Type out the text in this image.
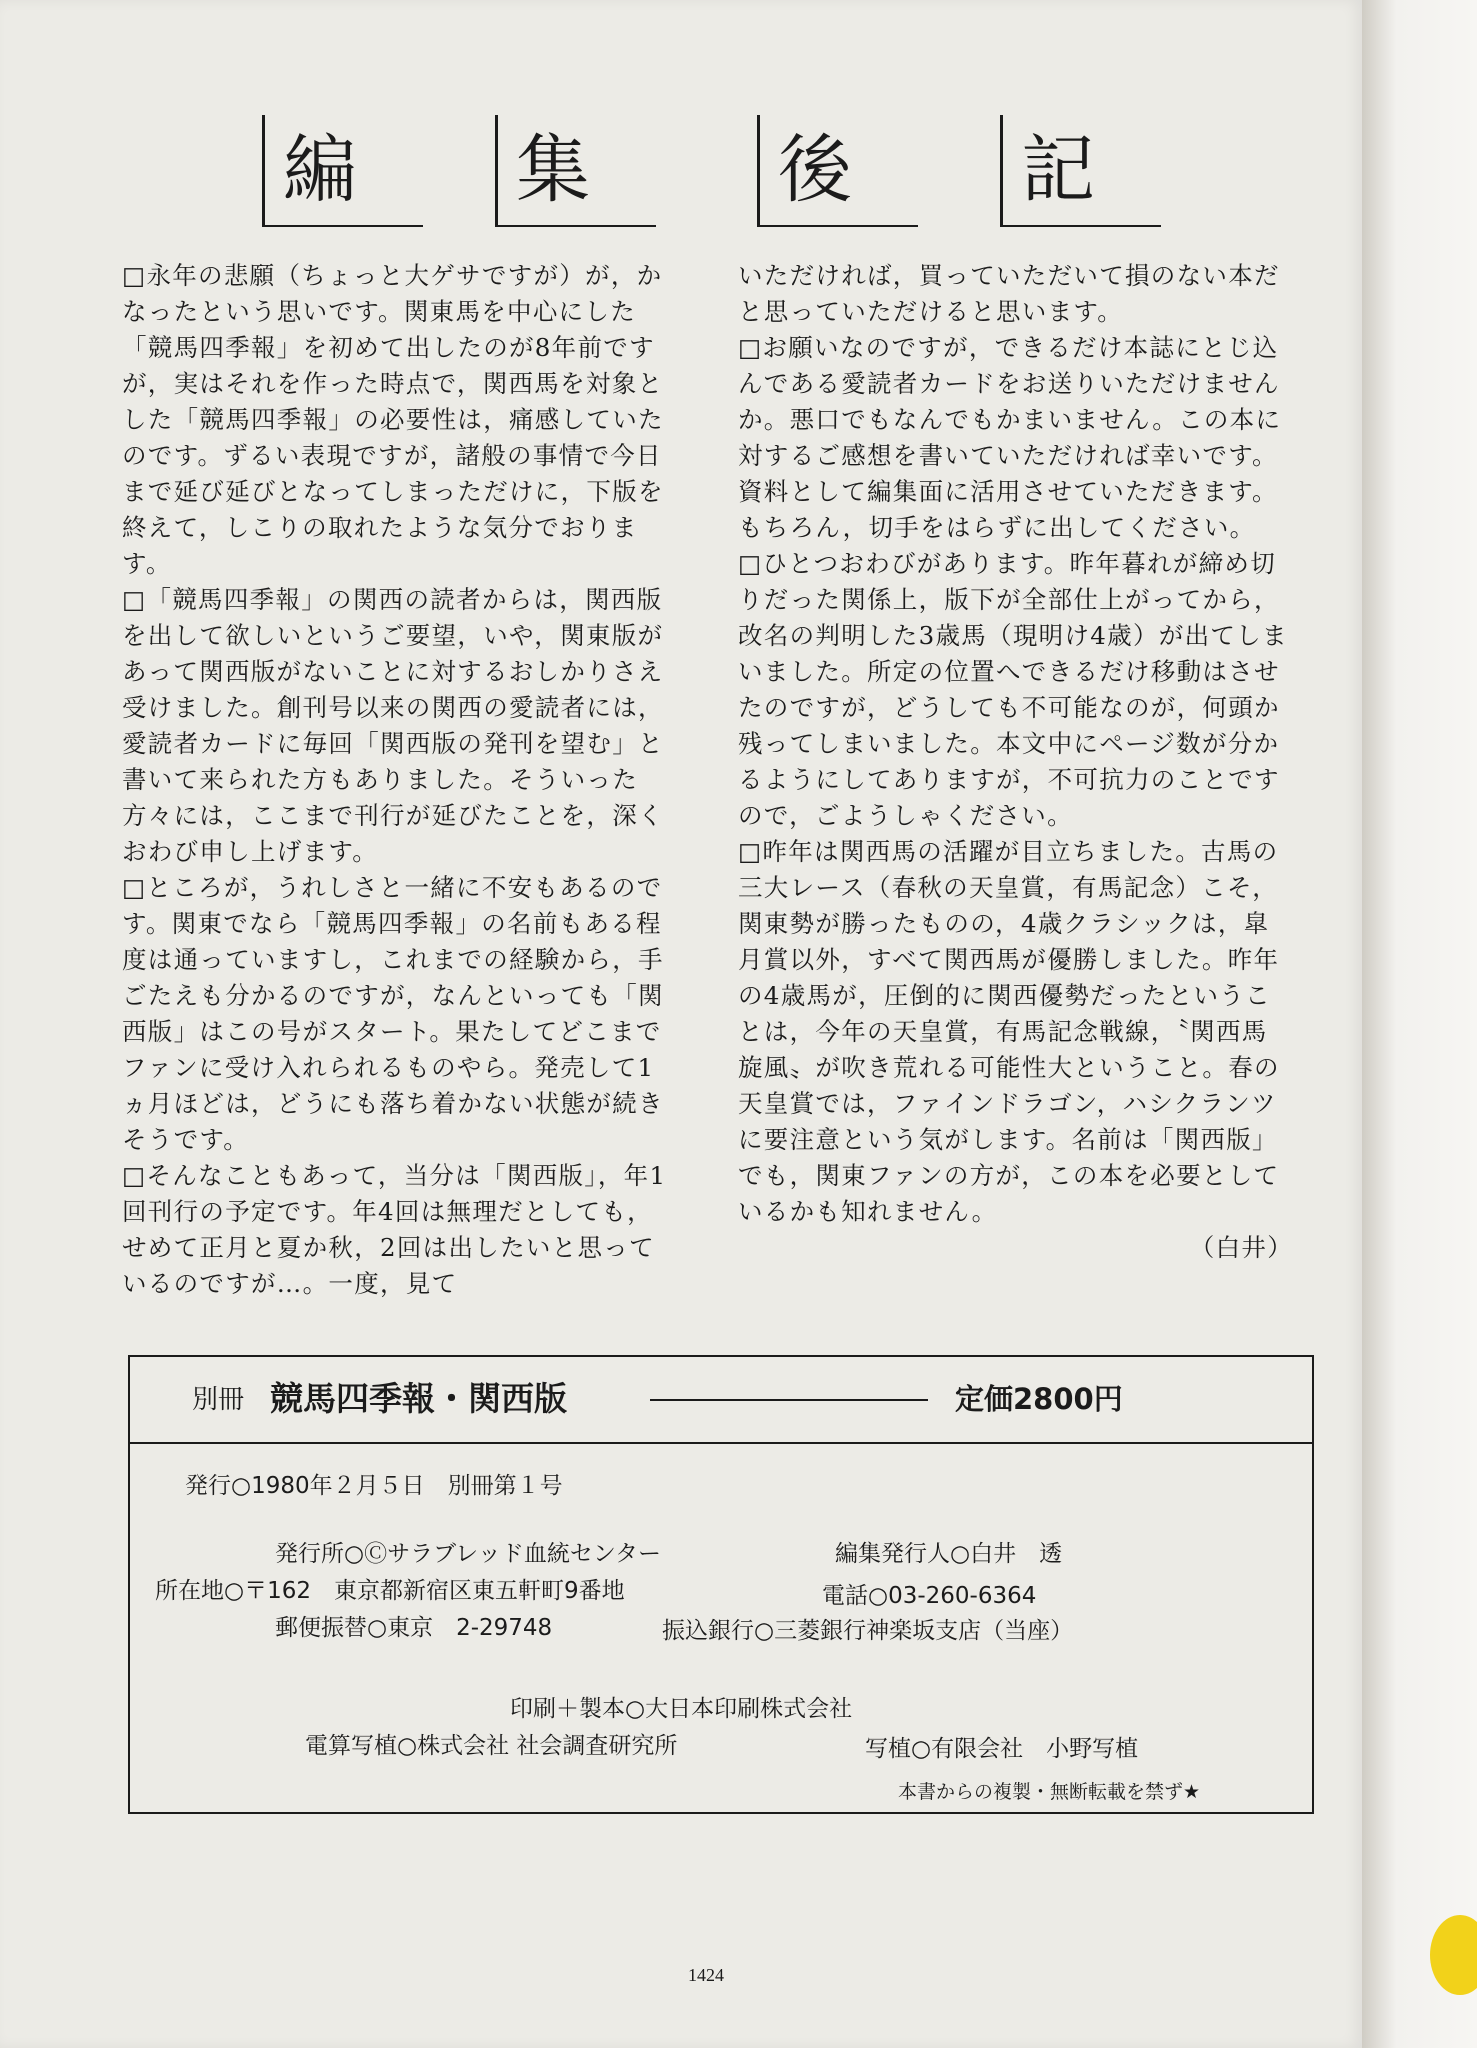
編	集	後	記

□永年の悲願（ちょっと大ゲサですが）が，かなったという思いです。関東馬を中心にした「競馬四季報」を初めて出したのが8年前ですが，実はそれを作った時点で，関西馬を対象とした「競馬四季報」の必要性は，痛感していたのです。ずるい表現ですが，諸般の事情で今日まで延び延びとなってしまっただけに，下版を終えて，しこりの取れたような気分でおります。

□「競馬四季報」の関西の読者からは，関西版を出して欲しいというご要望，いや，関東版があって関西版がないことに対するおしかりさえ受けました。創刊号以来の関西の愛読者には，愛読者カードに毎回「関西版の発刊を望む」と書いて来られた方もありました。そういった方々には，ここまで刊行が延びたことを，深くおわび申し上げます。

□ところが，うれしさと一緒に不安もあるのです。関東でなら「競馬四季報」の名前もある程度は通っていますし，これまでの経験から，手ごたえも分かるのですが，なんといっても「関西版」はこの号がスタート。果たしてどこまでファンに受け入れられるものやら。発売して1ヵ月ほどは，どうにも落ち着かない状態が続きそうです。

□そんなこともあって，当分は「関西版」，年1回刊行の予定です。年4回は無理だとしても，せめて正月と夏か秋，2回は出したいと思っているのですが…。一度，見て

いただければ，買っていただいて損のない本だと思っていただけると思います。

□お願いなのですが，できるだけ本誌にとじ込んである愛読者カードをお送りいただけませんか。悪口でもなんでもかまいません。この本に対するご感想を書いていただければ幸いです。資料として編集面に活用させていただきます。もちろん，切手をはらずに出してください。

□ひとつおわびがあります。昨年暮れが締め切りだった関係上，版下が全部仕上がってから，改名の判明した3歳馬（現明け4歳）が出てしまいました。所定の位置へできるだけ移動はさせたのですが，どうしても不可能なのが，何頭か残ってしまいました。本文中にページ数が分かるようにしてありますが，不可抗力のことですので，ごようしゃください。

□昨年は関西馬の活躍が目立ちました。古馬の三大レース（春秋の天皇賞，有馬記念）こそ，関東勢が勝ったものの，4歳クラシックは，皐月賞以外，すべて関西馬が優勝しました。昨年の4歳馬が，圧倒的に関西優勢だったということは，今年の天皇賞，有馬記念戦線，〝関西馬旋風〟が吹き荒れる可能性大ということ。春の天皇賞では，ファインドラゴン，ハシクランツに要注意という気がします。名前は「関西版」でも，関東ファンの方が，この本を必要としているかも知れません。

（白井）
別冊 競馬四季報・関西版	定価2800円
発行○1980年２月５日　別冊第１号
発行所○Ⓒサラブレッド血統センター	編集発行人○白井　透
所在地○〒162　東京都新宿区東五軒町9番地	電話○03-260-6364
郵便振替○東京　2-29748	振込銀行○三菱銀行神楽坂支店（当座）
印刷＋製本○大日本印刷株式会社
電算写植○株式会社 社会調査研究所	写植○有限会社　小野写植
本書からの複製・無断転載を禁ず★
1424
